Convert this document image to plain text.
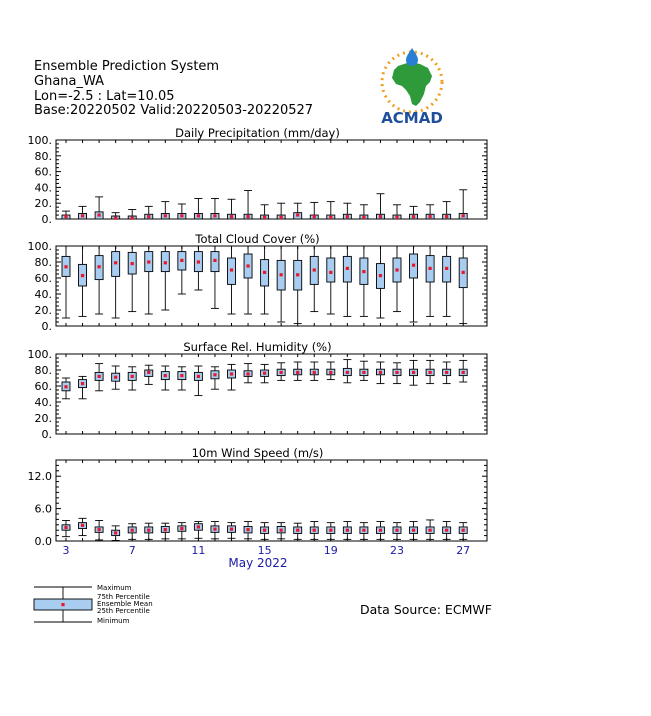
Ensemble Prediction System
Ghana_WA
Lon=-2.5 : Lat=10.05
Base:20220502 Valid:20220503-20220527	ACMAD
Daily Precipitation (mm/day)
0.
20.
40.
60.
80.
100.
Total Cloud Cover (%)
0.
20.
40.
60.
80.
100.
Surface Rel. Humidity (%)
0.
20.
40.
60.
80.
100.
10m Wind Speed (m/s)
0.0
6.0
12.0
3	7	11	15	19	23	27
May 2022
Maximum
75th Percentile
Ensemble Mean
25th Percentile
Minimum
Data Source: ECMWF
